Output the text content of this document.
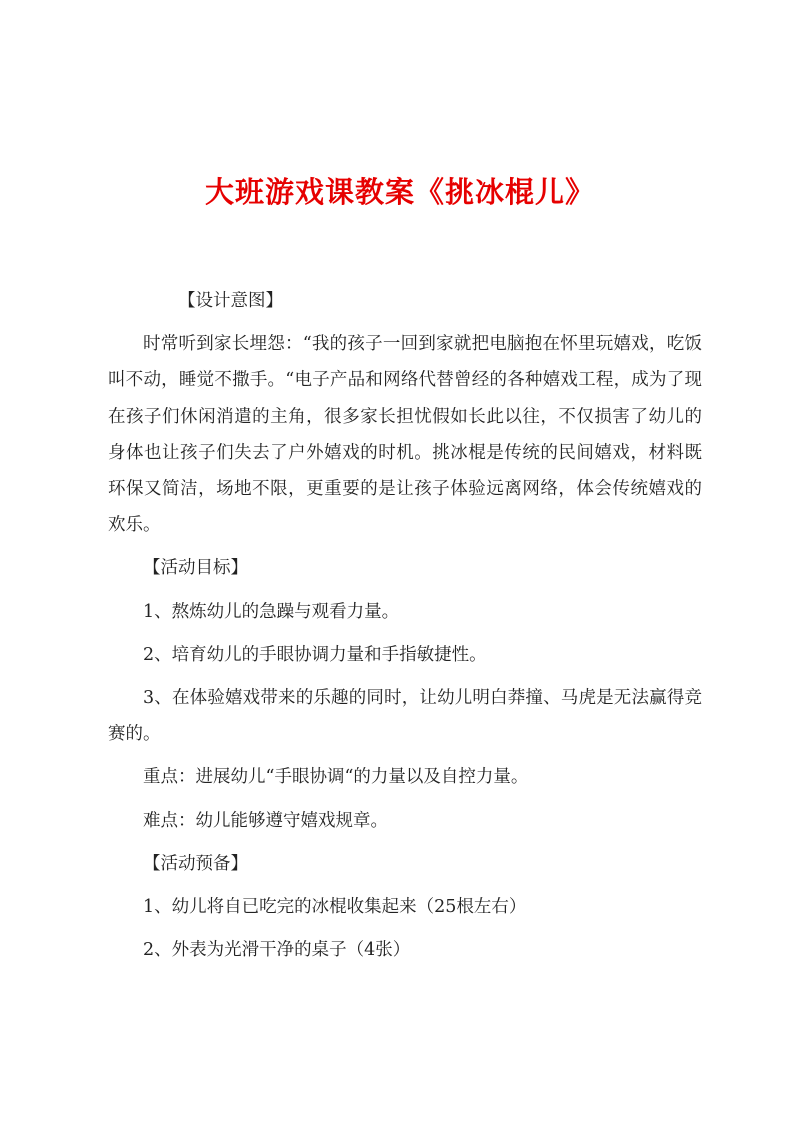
大班游戏课教案《挑冰棍儿》

【设计意图】

时常听到家长埋怨：“我的孩子一回到家就把电脑抱在怀里玩嬉戏，吃饭叫不动，睡觉不撒手。“电子产品和网络代替曾经的各种嬉戏工程，成为了现在孩子们休闲消遣的主角，很多家长担忧假如长此以往，不仅损害了幼儿的身体也让孩子们失去了户外嬉戏的时机。挑冰棍是传统的民间嬉戏，材料既环保又简洁，场地不限，更重要的是让孩子体验远离网络，体会传统嬉戏的欢乐。

【活动目标】

1、熬炼幼儿的急躁与观看力量。

2、培育幼儿的手眼协调力量和手指敏捷性。

3、在体验嬉戏带来的乐趣的同时，让幼儿明白莽撞、马虎是无法赢得竞赛的。

重点：进展幼儿“手眼协调“的力量以及自控力量。

难点：幼儿能够遵守嬉戏规章。

【活动预备】

1、幼儿将自已吃完的冰棍收集起来（25根左右）

2、外表为光滑干净的桌子（4张）
